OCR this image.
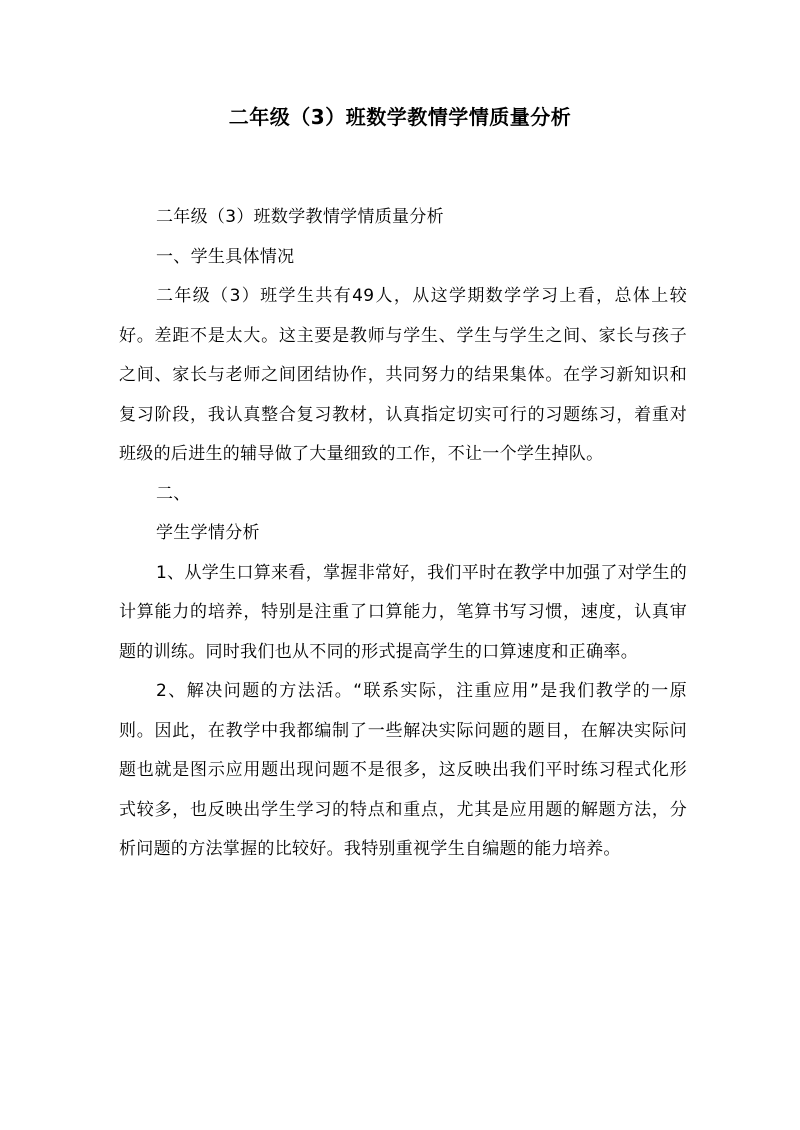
二年级（3）班数学教情学情质量分析

二年级（3）班数学教情学情质量分析

一、学生具体情况

二年级（3）班学生共有49人，从这学期数学学习上看，总体上较好。差距不是太大。这主要是教师与学生、学生与学生之间、家长与孩子之间、家长与老师之间团结协作，共同努力的结果集体。在学习新知识和复习阶段，我认真整合复习教材，认真指定切实可行的习题练习，着重对班级的后进生的辅导做了大量细致的工作，不让一个学生掉队。

二、

学生学情分析

1、从学生口算来看，掌握非常好，我们平时在教学中加强了对学生的计算能力的培养，特别是注重了口算能力，笔算书写习惯，速度，认真审题的训练。同时我们也从不同的形式提高学生的口算速度和正确率。

2、解决问题的方法活。“联系实际，注重应用”是我们教学的一原则。因此，在教学中我都编制了一些解决实际问题的题目，在解决实际问题也就是图示应用题出现问题不是很多，这反映出我们平时练习程式化形式较多，也反映出学生学习的特点和重点，尤其是应用题的解题方法，分析问题的方法掌握的比较好。我特别重视学生自编题的能力培养。
